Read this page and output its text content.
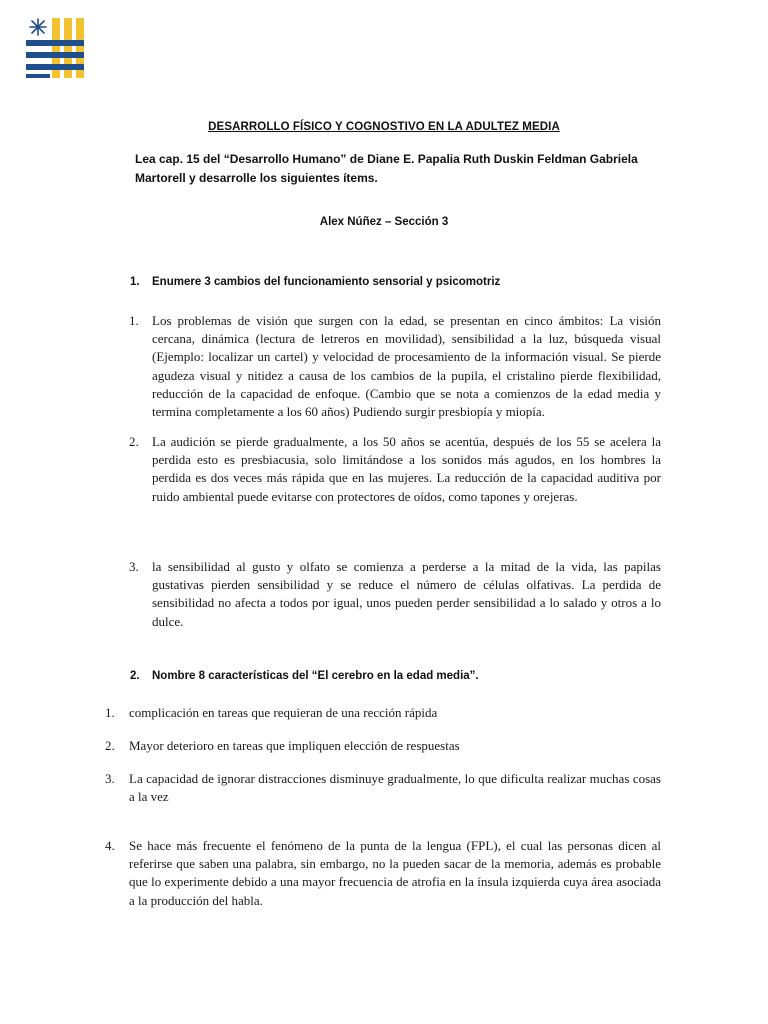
DESARROLLO FÍSICO Y COGNOSTIVO EN LA ADULTEZ MEDIA
Lea cap. 15 del “Desarrollo Humano” de Diane E. Papalia Ruth Duskin Feldman Gabriela Martorell y desarrolle los siguientes ítems.
Alex Núñez – Sección 3
1. Enumere 3 cambios del funcionamiento sensorial y psicomotriz
1. Los problemas de visión que surgen con la edad, se presentan en cinco ámbitos: La visión cercana, dinámica (lectura de letreros en movilidad), sensibilidad a la luz, búsqueda visual (Ejemplo: localizar un cartel) y velocidad de procesamiento de la información visual. Se pierde agudeza visual y nitidez a causa de los cambios de la pupila, el cristalino pierde flexibilidad, reducción de la capacidad de enfoque. (Cambio que se nota a comienzos de la edad media y termina completamente a los 60 años) Pudiendo surgir presbiopía y miopía.
2. La audición se pierde gradualmente, a los 50 años se acentúa, después de los 55 se acelera la perdida esto es presbiacusia, solo limitándose a los sonidos más agudos, en los hombres la perdida es dos veces más rápida que en las mujeres. La reducción de la capacidad auditiva por ruido ambiental puede evitarse con protectores de oídos, como tapones y orejeras.
3. la sensibilidad al gusto y olfato se comienza a perderse a la mitad de la vida, las papilas gustativas pierden sensibilidad y se reduce el número de células olfativas. La perdida de sensibilidad no afecta a todos por igual, unos pueden perder sensibilidad a lo salado y otros a lo dulce.
2. Nombre 8 características del “El cerebro en la edad media”.
1. complicación en tareas que requieran de una rección rápida
2. Mayor deterioro en tareas que impliquen elección de respuestas
3. La capacidad de ignorar distracciones disminuye gradualmente, lo que dificulta realizar muchas cosas a la vez
4. Se hace más frecuente el fenómeno de la punta de la lengua (FPL), el cual las personas dicen al referirse que saben una palabra, sin embargo, no la pueden sacar de la memoria, además es probable que lo experimente debido a una mayor frecuencia de atrofia en la ínsula izquierda cuya área asociada a la producción del habla.
